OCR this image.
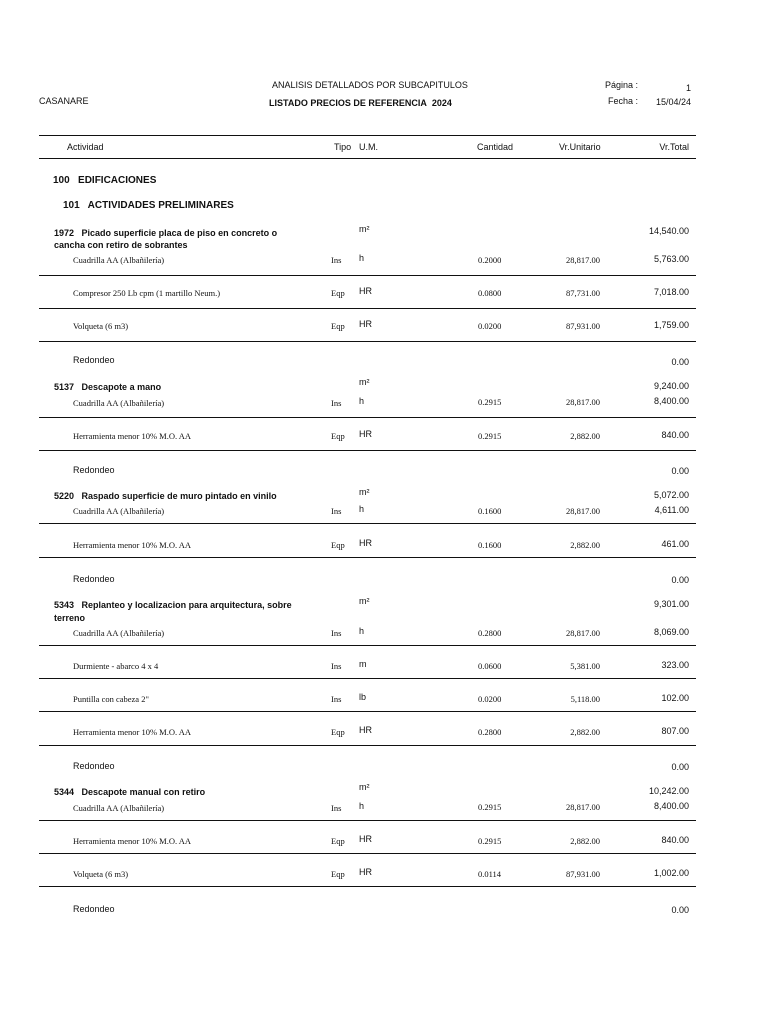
ANALISIS DETALLADOS POR SUBCAPITULOS
LISTADO PRECIOS DE REFERENCIA 2024
CASANARE
Página :	1
Fecha : 15/04/24
Actividad	Tipo U.M.	Cantidad	Vr.Unitario	Vr.Total
100 EDIFICACIONES
101 ACTIVIDADES PRELIMINARES
1972 Picado superficie placa de piso en concreto o
cancha con retiro de sobrantes
m²	14,540.00
Cuadrilla AA (Albañilería)	Ins h	0.2000	28,817.00	5,763.00
Compresor 250 Lb cpm (1 martillo Neum.)	Eqp HR	0.0800	87,731.00	7,018.00
Volqueta (6 m3)	Eqp HR	0.0200	87,931.00	1,759.00
Redondeo	0.00
5137 Descapote a mano	m²	9,240.00
Cuadrilla AA (Albañilería)	Ins h	0.2915	28,817.00	8,400.00
Herramienta menor 10% M.O. AA	Eqp HR	0.2915	2,882.00	840.00
Redondeo	0.00
5220 Raspado superficie de muro pintado en vinilo	m²	5,072.00
Cuadrilla AA (Albañilería)	Ins h	0.1600	28,817.00	4,611.00
Herramienta menor 10% M.O. AA	Eqp HR	0.1600	2,882.00	461.00
Redondeo	0.00
5343 Replanteo y localizacion para arquitectura, sobre
terreno
m²	9,301.00
Cuadrilla AA (Albañilería)	Ins h	0.2800	28,817.00	8,069.00
Durmiente - abarco 4 x 4	Ins m	0.0600	5,381.00	323.00
Puntilla con cabeza 2"	Ins lb	0.0200	5,118.00	102.00
Herramienta menor 10% M.O. AA	Eqp HR	0.2800	2,882.00	807.00
Redondeo	0.00
5344 Descapote manual con retiro	m²	10,242.00
Cuadrilla AA (Albañilería)	Ins h	0.2915	28,817.00	8,400.00
Herramienta menor 10% M.O. AA	Eqp HR	0.2915	2,882.00	840.00
Volqueta (6 m3)	Eqp HR	0.0114	87,931.00	1,002.00
Redondeo	0.00
